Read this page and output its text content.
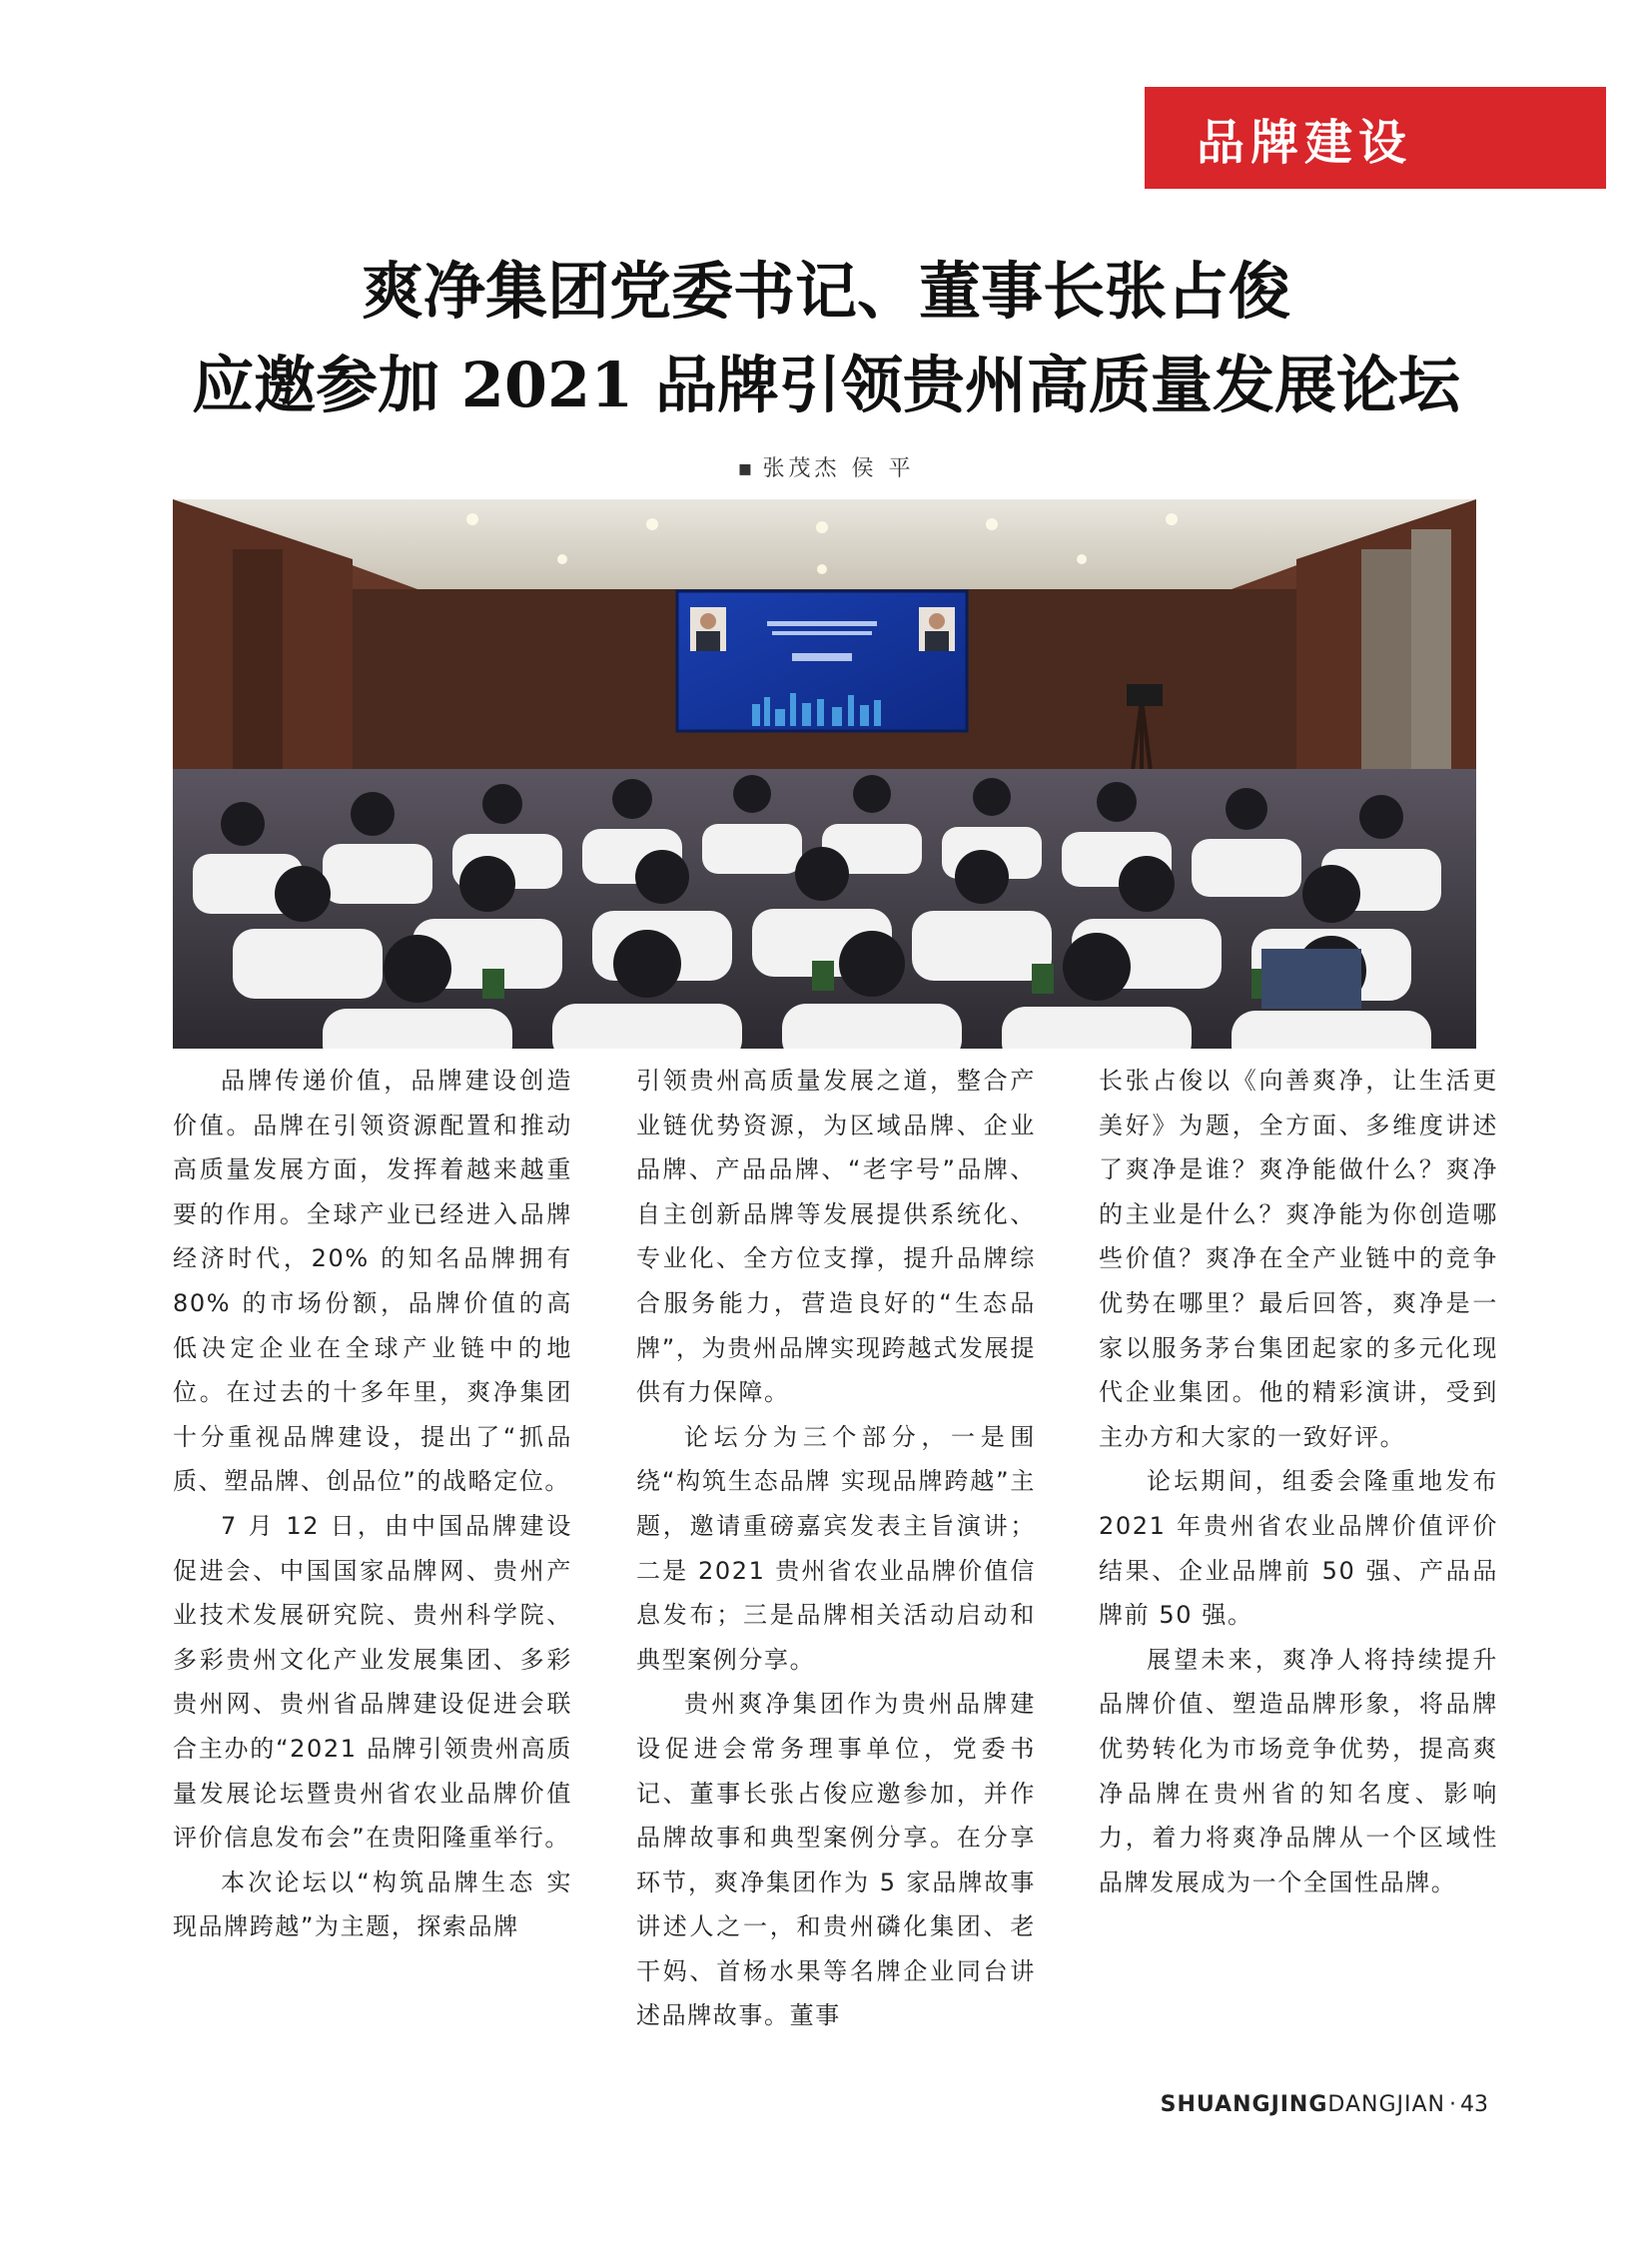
品牌建设
爽净集团党委书记、董事长张占俊
应邀参加 2021 品牌引领贵州高质量发展论坛
▪ 张茂杰 侯 平

品牌传递价值，品牌建设创造价值。品牌在引领资源配置和推动高质量发展方面，发挥着越来越重要的作用。全球产业已经进入品牌经济时代，20% 的知名品牌拥有 80% 的市场份额，品牌价值的高低决定企业在全球产业链中的地位。在过去的十多年里，爽净集团十分重视品牌建设，提出了“抓品质、塑品牌、创品位”的战略定位。

7 月 12 日，由中国品牌建设促进会、中国国家品牌网、贵州产业技术发展研究院、贵州科学院、多彩贵州文化产业发展集团、多彩贵州网、贵州省品牌建设促进会联合主办的“2021 品牌引领贵州高质量发展论坛暨贵州省农业品牌价值评价信息发布会”在贵阳隆重举行。

本次论坛以“构筑品牌生态 实现品牌跨越”为主题，探索品牌

引领贵州高质量发展之道，整合产业链优势资源，为区域品牌、企业品牌、产品品牌、“老字号”品牌、自主创新品牌等发展提供系统化、专业化、全方位支撑，提升品牌综合服务能力，营造良好的“生态品牌”，为贵州品牌实现跨越式发展提供有力保障。

论坛分为三个部分，一是围绕“构筑生态品牌 实现品牌跨越”主题，邀请重磅嘉宾发表主旨演讲；二是 2021 贵州省农业品牌价值信息发布；三是品牌相关活动启动和典型案例分享。

贵州爽净集团作为贵州品牌建设促进会常务理事单位，党委书记、董事长张占俊应邀参加，并作品牌故事和典型案例分享。在分享环节，爽净集团作为 5 家品牌故事讲述人之一，和贵州磷化集团、老干妈、首杨水果等名牌企业同台讲述品牌故事。董事

长张占俊以《向善爽净，让生活更美好》为题，全方面、多维度讲述了爽净是谁？爽净能做什么？爽净的主业是什么？爽净能为你创造哪些价值？爽净在全产业链中的竞争优势在哪里？最后回答，爽净是一家以服务茅台集团起家的多元化现代企业集团。他的精彩演讲，受到主办方和大家的一致好评。

论坛期间，组委会隆重地发布 2021 年贵州省农业品牌价值评价结果、企业品牌前 50 强、产品品牌前 50 强。

展望未来，爽净人将持续提升品牌价值、塑造品牌形象，将品牌优势转化为市场竞争优势，提高爽净品牌在贵州省的知名度、影响力，着力将爽净品牌从一个区域性品牌发展成为一个全国性品牌。

SHUANGJINGDANGJIAN · 43
